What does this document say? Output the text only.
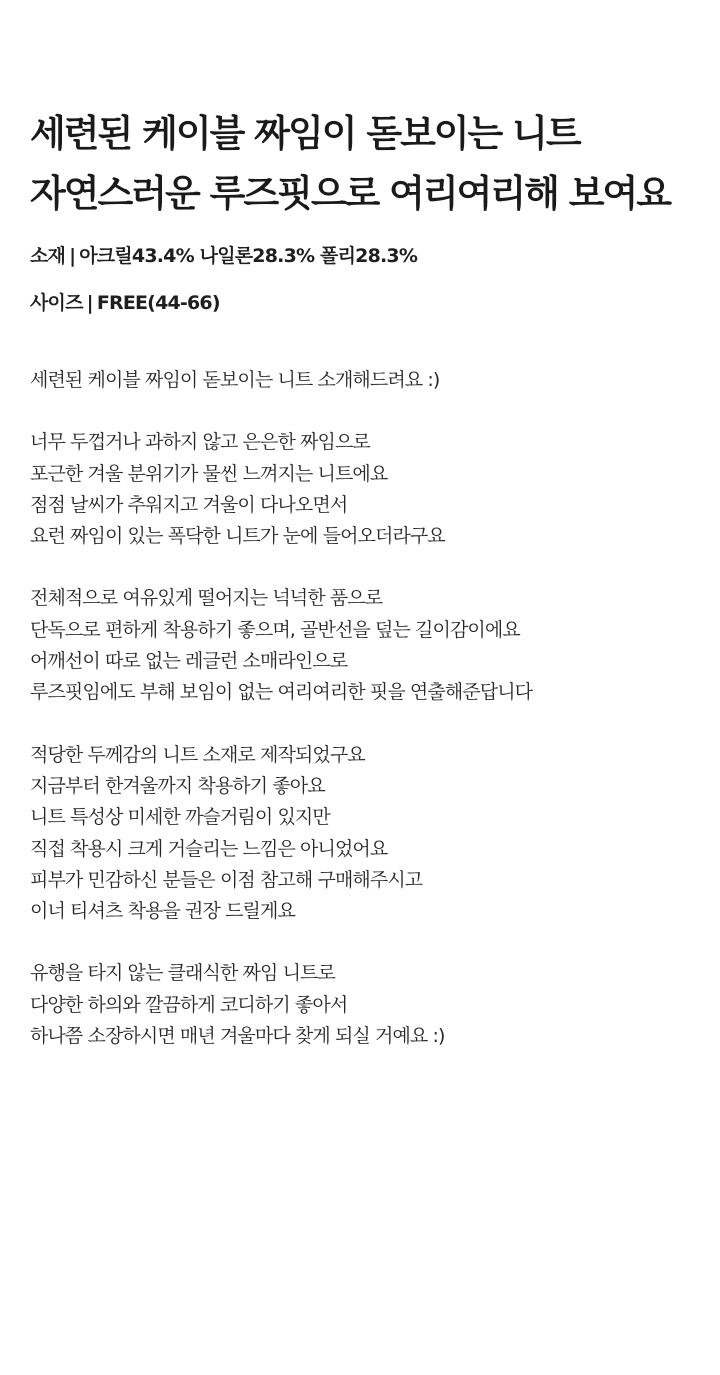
세련된 케이블 짜임이 돋보이는 니트
자연스러운 루즈핏으로 여리여리해 보여요
소재 | 아크릴43.4% 나일론28.3% 폴리28.3%
사이즈 | FREE(44-66)
세련된 케이블 짜임이 돋보이는 니트 소개해드려요 :)
너무 두껍거나 과하지 않고 은은한 짜임으로
포근한 겨울 분위기가 물씬 느껴지는 니트에요
점점 날씨가 추워지고 겨울이 다나오면서
요런 짜임이 있는 폭닥한 니트가 눈에 들어오더라구요
전체적으로 여유있게 떨어지는 넉넉한 품으로
단독으로 편하게 착용하기 좋으며, 골반선을 덮는 길이감이에요
어깨선이 따로 없는 레글런 소매라인으로
루즈핏임에도 부해 보임이 없는 여리여리한 핏을 연출해준답니다
적당한 두께감의 니트 소재로 제작되었구요
지금부터 한겨울까지 착용하기 좋아요
니트 특성상 미세한 까슬거림이 있지만
직접 착용시 크게 거슬리는 느낌은 아니었어요
피부가 민감하신 분들은 이점 참고해 구매해주시고
이너 티셔츠 착용을 권장 드릴게요
유행을 타지 않는 클래식한 짜임 니트로
다양한 하의와 깔끔하게 코디하기 좋아서
하나쯤 소장하시면 매년 겨울마다 찾게 되실 거예요 :)
